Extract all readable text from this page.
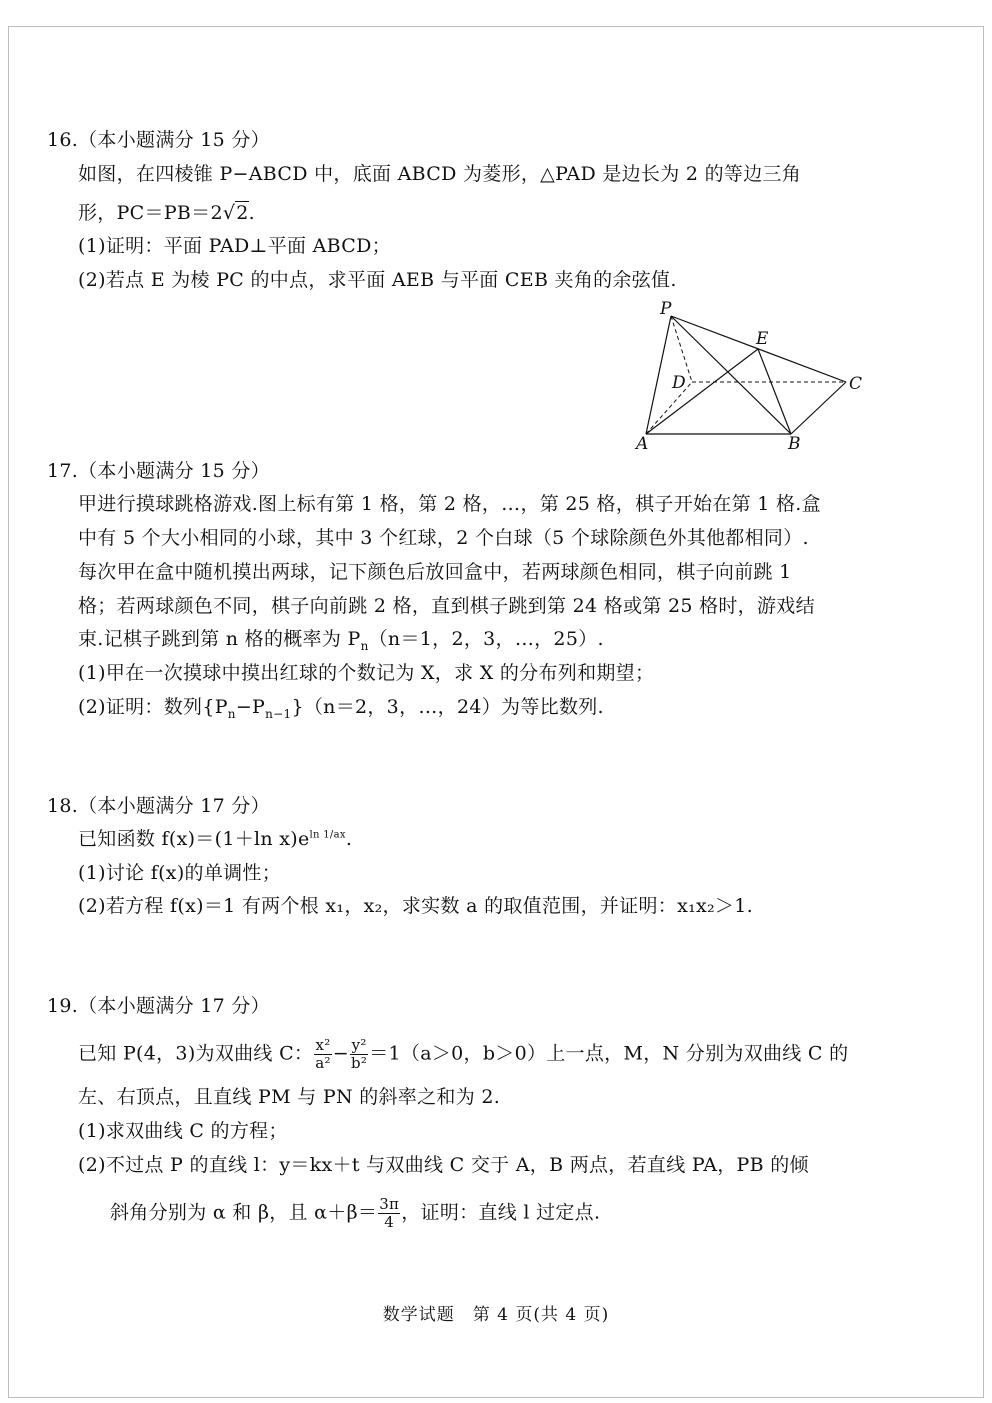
16.（本小题满分 15 分）
如图，在四棱锥 P−ABCD 中，底面 ABCD 为菱形，△PAD 是边长为 2 的等边三角
形，PC＝PB＝2√2.
(1)证明：平面 PAD⊥平面 ABCD；
(2)若点 E 为棱 PC 的中点，求平面 AEB 与平面 CEB 夹角的余弦值.
P
E
D	C
A	B
17.（本小题满分 15 分）
甲进行摸球跳格游戏.图上标有第 1 格，第 2 格，…，第 25 格，棋子开始在第 1 格.盒
中有 5 个大小相同的小球，其中 3 个红球，2 个白球（5 个球除颜色外其他都相同）.
每次甲在盒中随机摸出两球，记下颜色后放回盒中，若两球颜色相同，棋子向前跳 1
格；若两球颜色不同，棋子向前跳 2 格，直到棋子跳到第 24 格或第 25 格时，游戏结
束.记棋子跳到第 n 格的概率为 $P_n(n=1$，2，3，…，25）.
(1)甲在一次摸球中摸出红球的个数记为 X，求 X 的分布列和期望；
(2)证明：数列$\{P_n-P_{n-1}\}(n=2$，3，…，24）为等比数列.
18.（本小题满分 17 分）
已知函数 f(x)＝(1＋ln $x)e^{ln 1/ax}$.
(1)讨论 f(x)的单调性；
(2)若方程 f(x)＝1 有两个根 x₁，x₂，求实数 a 的取值范围，并证明：x₁x₂＞1.
19.（本小题满分 17 分）
已知 P(4，3)为双曲线 C： $\frac{\text{x²}}{\text{a²}} - \frac{\text{y²}}{\text{b²}} =1(a>0$，b＞0）上一点，M，N 分别为双曲线 C 的
左、右顶点，且直线 PM 与 PN 的斜率之和为 2.
(1)求双曲线 C 的方程；
(2)不过点 P 的直线 l：y＝kx＋t 与双曲线 C 交于 A，B 两点，若直线 PA，PB 的倾
斜角分别为 α 和 β，且 $\alpha+\beta= \frac{3\pi}{4}$ ，证明：直线 l 过定点.
数学试题　第 4 页(共 4 页)
